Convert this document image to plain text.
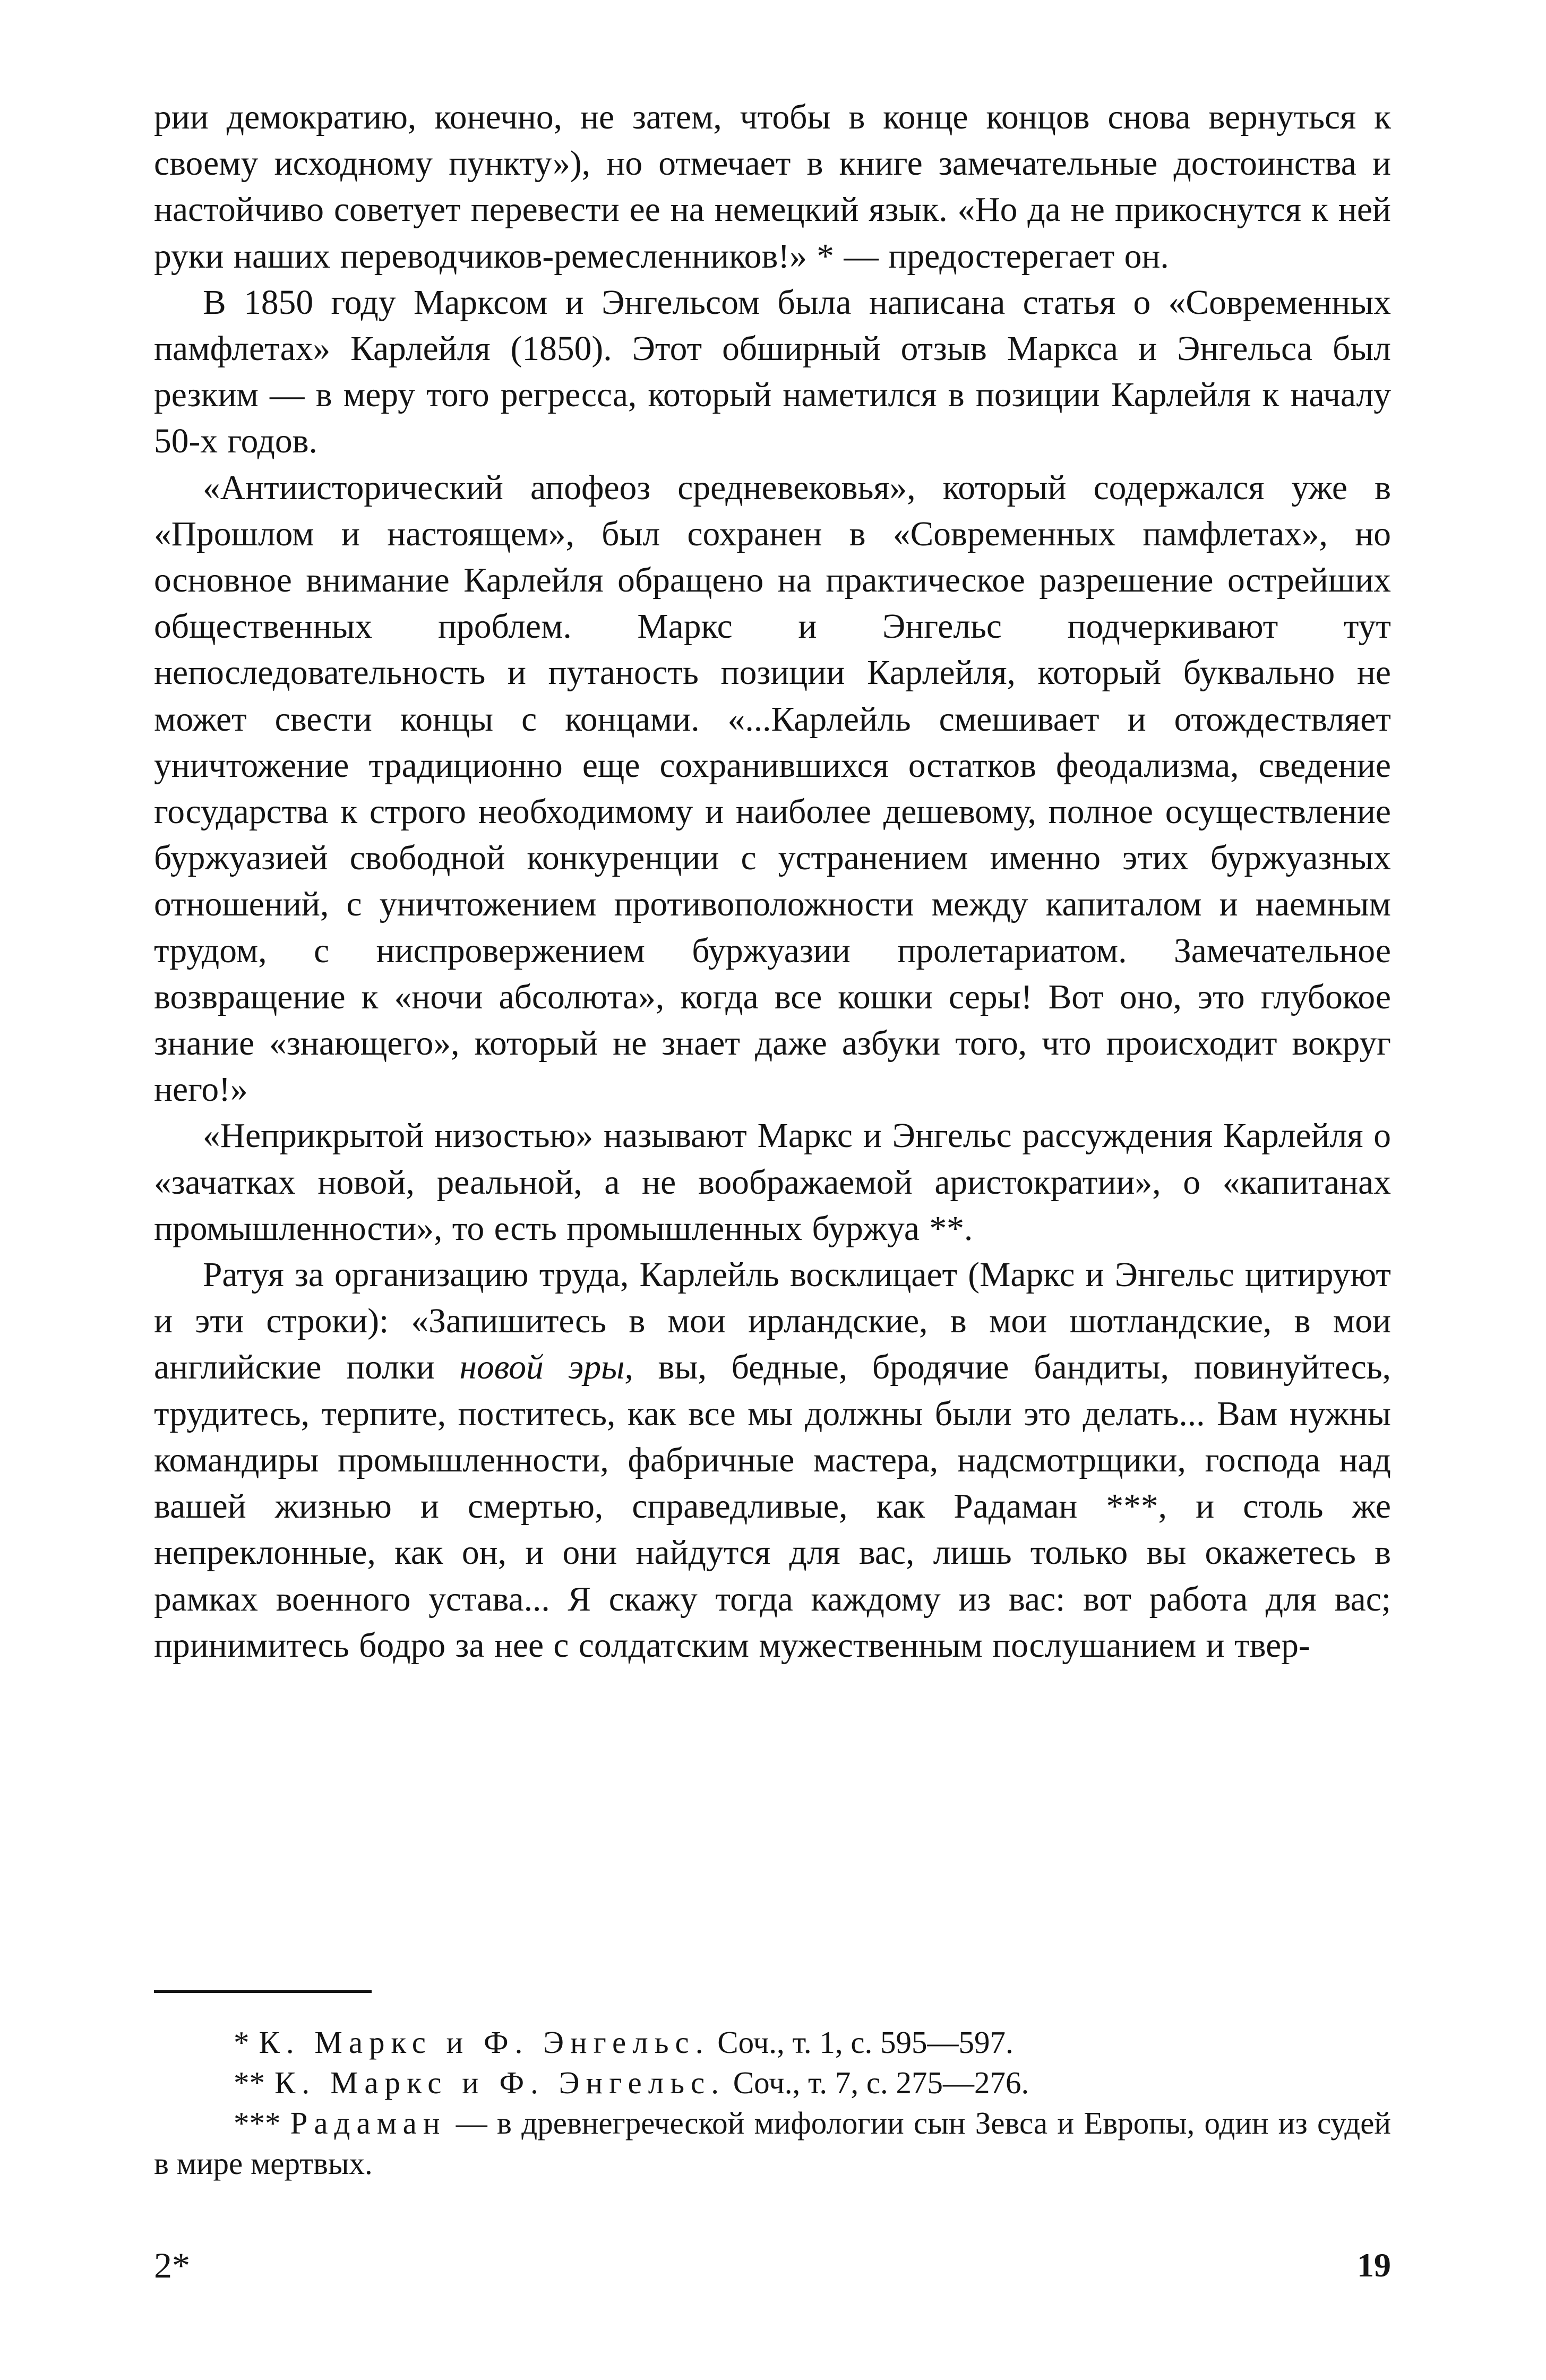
рии демократию, конечно, не затем, чтобы в конце концов снова вернуться к своему исходному пункту»), но отмечает в книге замечательные достоинства и настойчиво советует перевести ее на немецкий язык. «Но да не прикоснутся к ней руки наших переводчиков-ремесленников!» * — предостерегает он.

В 1850 году Марксом и Энгельсом была написана статья о «Современных памфлетах» Карлейля (1850). Этот обширный отзыв Маркса и Энгельса был резким — в меру того регресса, который наметился в позиции Карлейля к началу 50-х годов.

«Антиисторический апофеоз средневековья», который содержался уже в «Прошлом и настоящем», был сохранен в «Современных памфлетах», но основное внимание Карлейля обращено на практическое разрешение острейших общественных проблем. Маркс и Энгельс подчеркивают тут непоследовательность и путаность позиции Карлейля, который буквально не может свести концы с концами. «...Карлейль смешивает и отождествляет уничтожение традиционно еще сохранившихся остатков феодализма, сведение государства к строго необходимому и наиболее дешевому, полное осуществление буржуазией свободной конкуренции с устранением именно этих буржуазных отношений, с уничтожением противоположности между капиталом и наемным трудом, с ниспровержением буржуазии пролетариатом. Замечательное возвращение к «ночи абсолюта», когда все кошки серы! Вот оно, это глубокое знание «знающего», который не знает даже азбуки того, что происходит вокруг него!»

«Неприкрытой низостью» называют Маркс и Энгельс рассуждения Карлейля о «зачатках новой, реальной, а не воображаемой аристократии», о «капитанах промышленности», то есть промышленных буржуа **.

Ратуя за организацию труда, Карлейль восклицает (Маркс и Энгельс цитируют и эти строки): «Запишитесь в мои ирландские, в мои шотландские, в мои английские полки новой эры, вы, бедные, бродячие бандиты, повинуйтесь, трудитесь, терпите, поститесь, как все мы должны были это делать... Вам нужны командиры промышленности, фабричные мастера, надсмотрщики, господа над вашей жизнью и смертью, справедливые, как Радаман ***, и столь же непреклонные, как он, и они найдутся для вас, лишь только вы окажетесь в рамках военного устава... Я скажу тогда каждому из вас: вот работа для вас; принимитесь бодро за нее с солдатским мужественным послушанием и твер-

* К. Маркс и Ф. Энгельс. Соч., т. 1, с. 595—597.

** К. Маркс и Ф. Энгельс. Соч., т. 7, с. 275—276.

*** Радаман — в древнегреческой мифологии сын Зевса и Европы, один из судей в мире мертвых.

2*	19
